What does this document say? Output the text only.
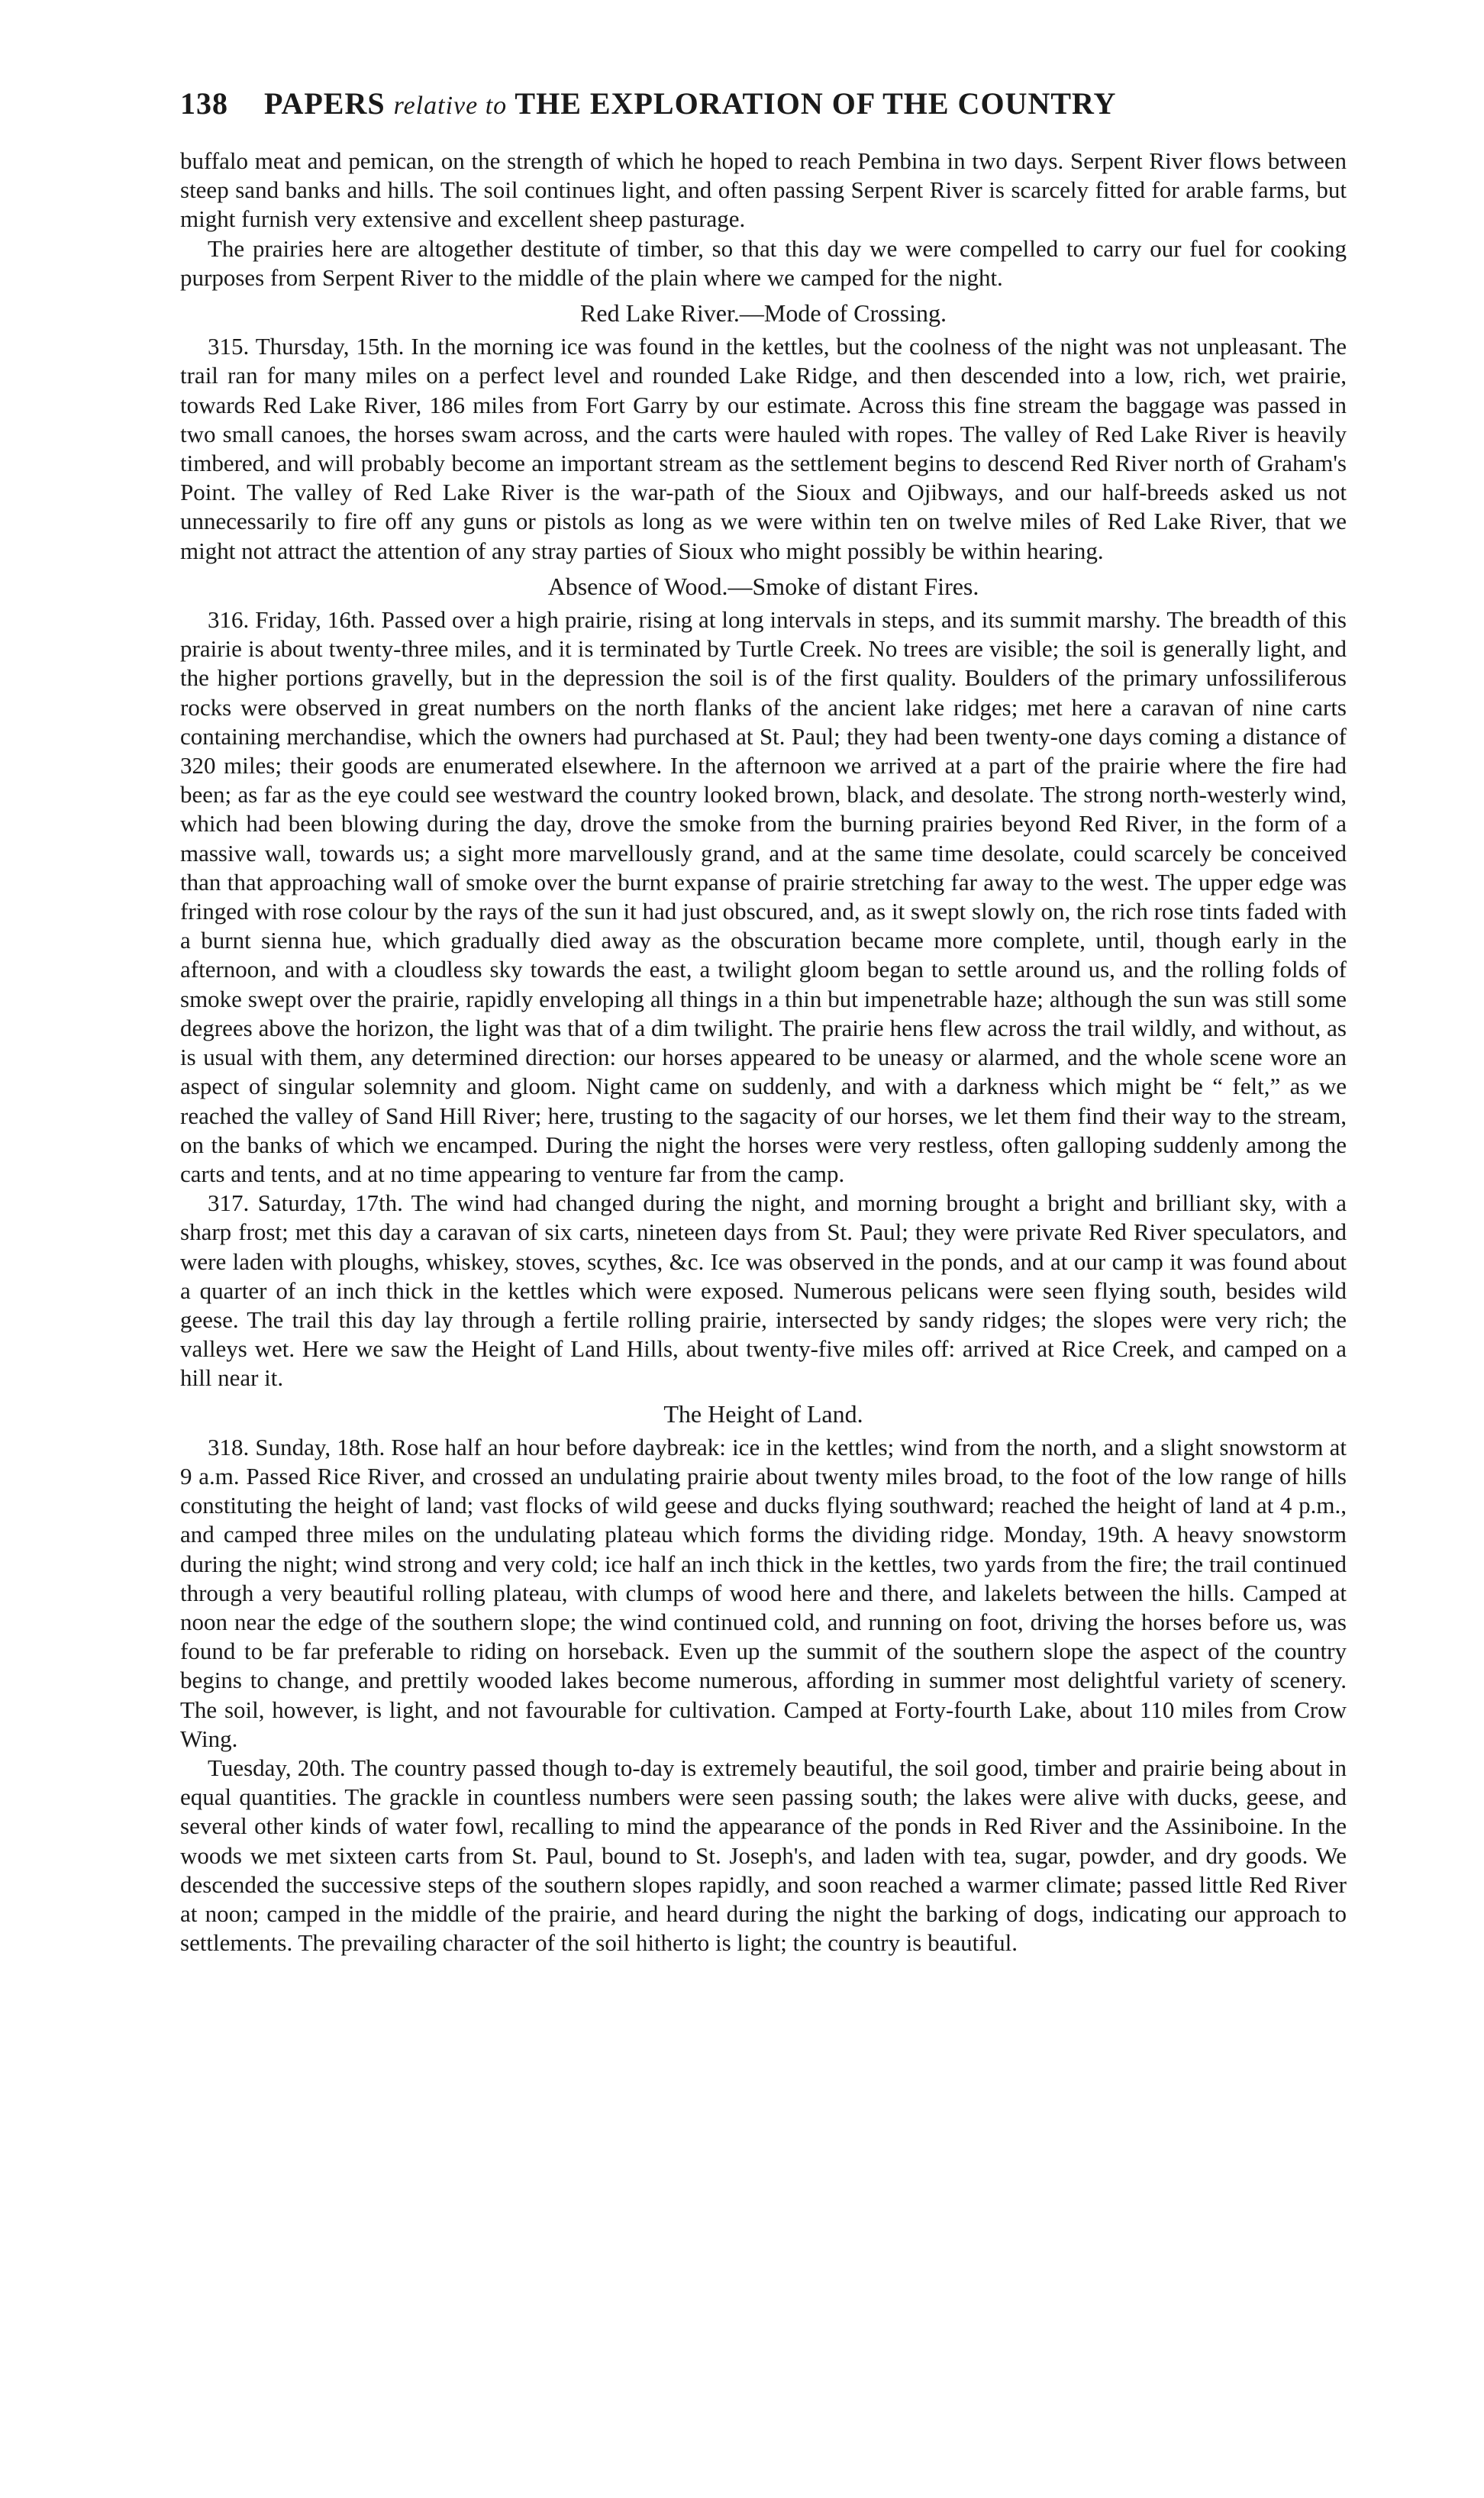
138 PAPERS relative to THE EXPLORATION OF THE COUNTRY

buffalo meat and pemican, on the strength of which he hoped to reach Pembina in two days. Serpent River flows between steep sand banks and hills. The soil continues light, and often passing Serpent River is scarcely fitted for arable farms, but might furnish very extensive and excellent sheep pasturage.

The prairies here are altogether destitute of timber, so that this day we were compelled to carry our fuel for cooking purposes from Serpent River to the middle of the plain where we camped for the night.

Red Lake River.—Mode of Crossing.

315. Thursday, 15th. In the morning ice was found in the kettles, but the coolness of the night was not unpleasant. The trail ran for many miles on a perfect level and rounded Lake Ridge, and then descended into a low, rich, wet prairie, towards Red Lake River, 186 miles from Fort Garry by our estimate. Across this fine stream the baggage was passed in two small canoes, the horses swam across, and the carts were hauled with ropes. The valley of Red Lake River is heavily timbered, and will probably become an important stream as the settlement begins to descend Red River north of Graham's Point. The valley of Red Lake River is the war-path of the Sioux and Ojibways, and our half-breeds asked us not unnecessarily to fire off any guns or pistols as long as we were within ten on twelve miles of Red Lake River, that we might not attract the attention of any stray parties of Sioux who might possibly be within hearing.

Absence of Wood.—Smoke of distant Fires.

316. Friday, 16th. Passed over a high prairie, rising at long intervals in steps, and its summit marshy. The breadth of this prairie is about twenty-three miles, and it is terminated by Turtle Creek. No trees are visible; the soil is generally light, and the higher portions gravelly, but in the depression the soil is of the first quality. Boulders of the primary unfossiliferous rocks were observed in great numbers on the north flanks of the ancient lake ridges; met here a caravan of nine carts containing merchandise, which the owners had purchased at St. Paul; they had been twenty-one days coming a distance of 320 miles; their goods are enumerated elsewhere. In the afternoon we arrived at a part of the prairie where the fire had been; as far as the eye could see westward the country looked brown, black, and desolate. The strong north-westerly wind, which had been blowing during the day, drove the smoke from the burning prairies beyond Red River, in the form of a massive wall, towards us; a sight more marvellously grand, and at the same time desolate, could scarcely be conceived than that approaching wall of smoke over the burnt expanse of prairie stretching far away to the west. The upper edge was fringed with rose colour by the rays of the sun it had just obscured, and, as it swept slowly on, the rich rose tints faded with a burnt sienna hue, which gradually died away as the obscuration became more complete, until, though early in the afternoon, and with a cloudless sky towards the east, a twilight gloom began to settle around us, and the rolling folds of smoke swept over the prairie, rapidly enveloping all things in a thin but impenetrable haze; although the sun was still some degrees above the horizon, the light was that of a dim twilight. The prairie hens flew across the trail wildly, and without, as is usual with them, any determined direction: our horses appeared to be uneasy or alarmed, and the whole scene wore an aspect of singular solemnity and gloom. Night came on suddenly, and with a darkness which might be “ felt,” as we reached the valley of Sand Hill River; here, trusting to the sagacity of our horses, we let them find their way to the stream, on the banks of which we encamped. During the night the horses were very restless, often galloping suddenly among the carts and tents, and at no time appearing to venture far from the camp.

317. Saturday, 17th. The wind had changed during the night, and morning brought a bright and brilliant sky, with a sharp frost; met this day a caravan of six carts, nineteen days from St. Paul; they were private Red River speculators, and were laden with ploughs, whiskey, stoves, scythes, &c. Ice was observed in the ponds, and at our camp it was found about a quarter of an inch thick in the kettles which were exposed. Numerous pelicans were seen flying south, besides wild geese. The trail this day lay through a fertile rolling prairie, intersected by sandy ridges; the slopes were very rich; the valleys wet. Here we saw the Height of Land Hills, about twenty-five miles off: arrived at Rice Creek, and camped on a hill near it.

The Height of Land.

318. Sunday, 18th. Rose half an hour before daybreak: ice in the kettles; wind from the north, and a slight snowstorm at 9 a.m. Passed Rice River, and crossed an undulating prairie about twenty miles broad, to the foot of the low range of hills constituting the height of land; vast flocks of wild geese and ducks flying southward; reached the height of land at 4 p.m., and camped three miles on the undulating plateau which forms the dividing ridge. Monday, 19th. A heavy snowstorm during the night; wind strong and very cold; ice half an inch thick in the kettles, two yards from the fire; the trail continued through a very beautiful rolling plateau, with clumps of wood here and there, and lakelets between the hills. Camped at noon near the edge of the southern slope; the wind continued cold, and running on foot, driving the horses before us, was found to be far preferable to riding on horseback. Even up the summit of the southern slope the aspect of the country begins to change, and prettily wooded lakes become numerous, affording in summer most delightful variety of scenery. The soil, however, is light, and not favourable for cultivation. Camped at Forty-fourth Lake, about 110 miles from Crow Wing.

Tuesday, 20th. The country passed though to-day is extremely beautiful, the soil good, timber and prairie being about in equal quantities. The grackle in countless numbers were seen passing south; the lakes were alive with ducks, geese, and several other kinds of water fowl, recalling to mind the appearance of the ponds in Red River and the Assiniboine. In the woods we met sixteen carts from St. Paul, bound to St. Joseph's, and laden with tea, sugar, powder, and dry goods. We descended the successive steps of the southern slopes rapidly, and soon reached a warmer climate; passed little Red River at noon; camped in the middle of the prairie, and heard during the night the barking of dogs, indicating our approach to settlements. The prevailing character of the soil hitherto is light; the country is beautiful.
